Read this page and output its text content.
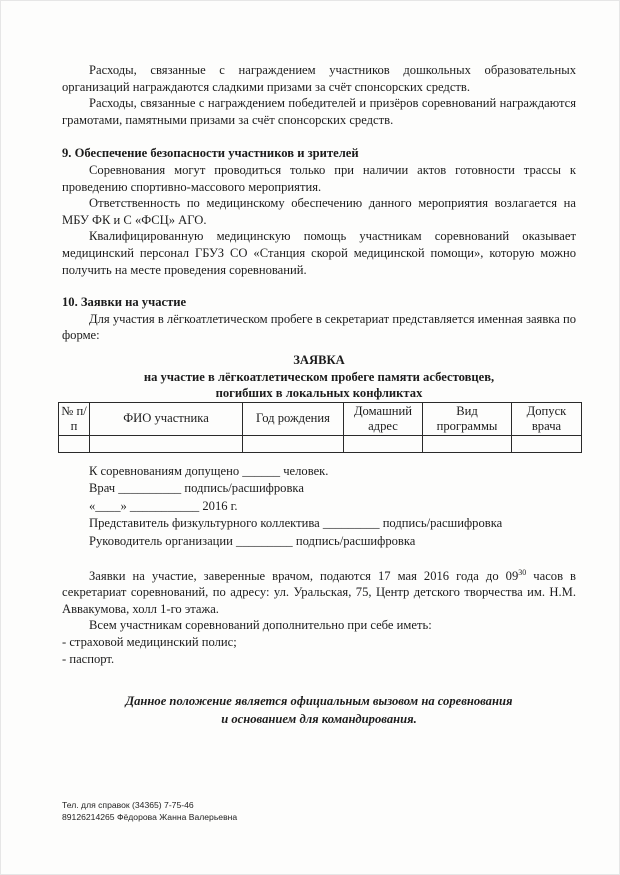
Расходы, связанные с награждением участников дошкольных образовательных организаций награждаются сладкими призами за счёт спонсорских средств.

Расходы, связанные с награждением победителей и призёров соревнований награждаются грамотами, памятными призами за счёт спонсорских средств.

9. Обеспечение безопасности участников и зрителей

Соревнования могут проводиться только при наличии актов готовности трассы к проведению спортивно-массового мероприятия.

Ответственность по медицинскому обеспечению данного мероприятия возлагается на МБУ ФК и С «ФСЦ» АГО.

Квалифицированную медицинскую помощь участникам соревнований оказывает медицинский персонал ГБУЗ СО «Станция скорой медицинской помощи», которую можно получить на месте проведения соревнований.

10. Заявки на участие

Для участия в лёгкоатлетическом пробеге в секретариат представляется именная заявка по форме:

ЗАЯВКА
на участие в лёгкоатлетическом пробеге памяти асбестовцев,
погибших в локальных конфликтах
№ п/п	ФИО участника	Год рождения	Домашний адрес	Вид программы	Допуск врача

К соревнованиям допущено ______ человек.
Врач __________ подпись/расшифровка
«____» ___________ 2016 г.
Представитель физкультурного коллектива _________ подпись/расшифровка
Руководитель организации _________ подпись/расшифровка

Заявки на участие, заверенные врачом, подаются 17 мая 2016 года до $09^{30}$ часов в секретариат соревнований, по адресу: ул. Уральская, 75, Центр детского творчества им. Н.М. Аввакумова, холл 1-го этажа.

Всем участникам соревнований дополнительно при себе иметь:

- страховой медицинский полис;
- паспорт.
Данное положение является официальным вызовом на соревнования
и основанием для командирования.
Тел. для справок (34365) 7-75-46
89126214265 Фёдорова Жанна Валерьевна
